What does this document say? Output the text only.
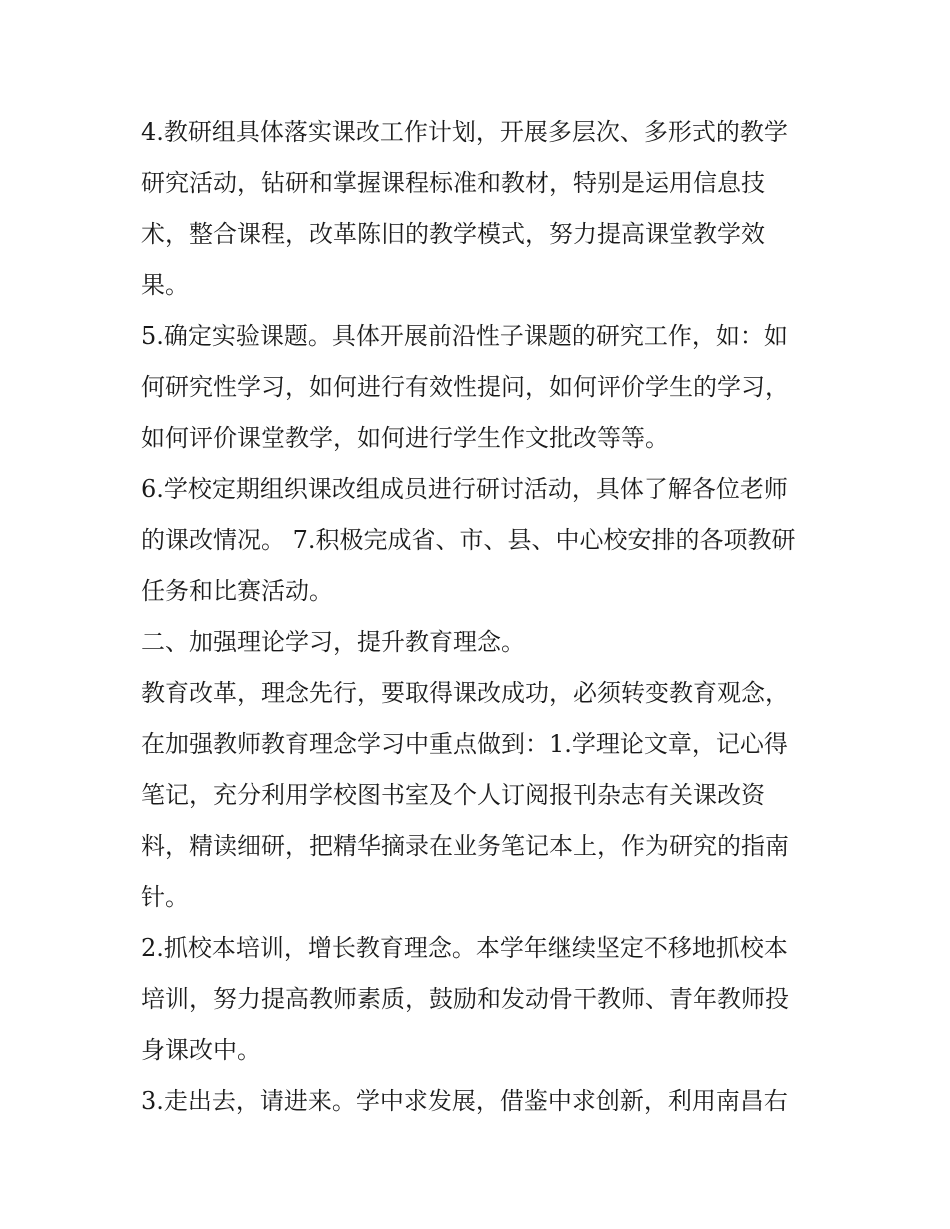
4.教研组具体落实课改工作计划，开展多层次、多形式的教学
研究活动，钻研和掌握课程标准和教材，特别是运用信息技
术，整合课程，改革陈旧的教学模式，努力提高课堂教学效
果。

5.确定实验课题。具体开展前沿性子课题的研究工作，如：如
何研究性学习，如何进行有效性提问，如何评价学生的学习，
如何评价课堂教学，如何进行学生作文批改等等。

6.学校定期组织课改组成员进行研讨活动，具体了解各位老师
的课改情况。 7.积极完成省、市、县、中心校安排的各项教研
任务和比赛活动。

二、加强理论学习，提升教育理念。

教育改革，理念先行，要取得课改成功，必须转变教育观念，
在加强教师教育理念学习中重点做到：1.学理论文章，记心得
笔记，充分利用学校图书室及个人订阅报刊杂志有关课改资
料，精读细研，把精华摘录在业务笔记本上，作为研究的指南
针。

2.抓校本培训，增长教育理念。本学年继续坚定不移地抓校本
培训，努力提高教师素质，鼓励和发动骨干教师、青年教师投
身课改中。

3.走出去，请进来。学中求发展，借鉴中求创新，利用南昌右
